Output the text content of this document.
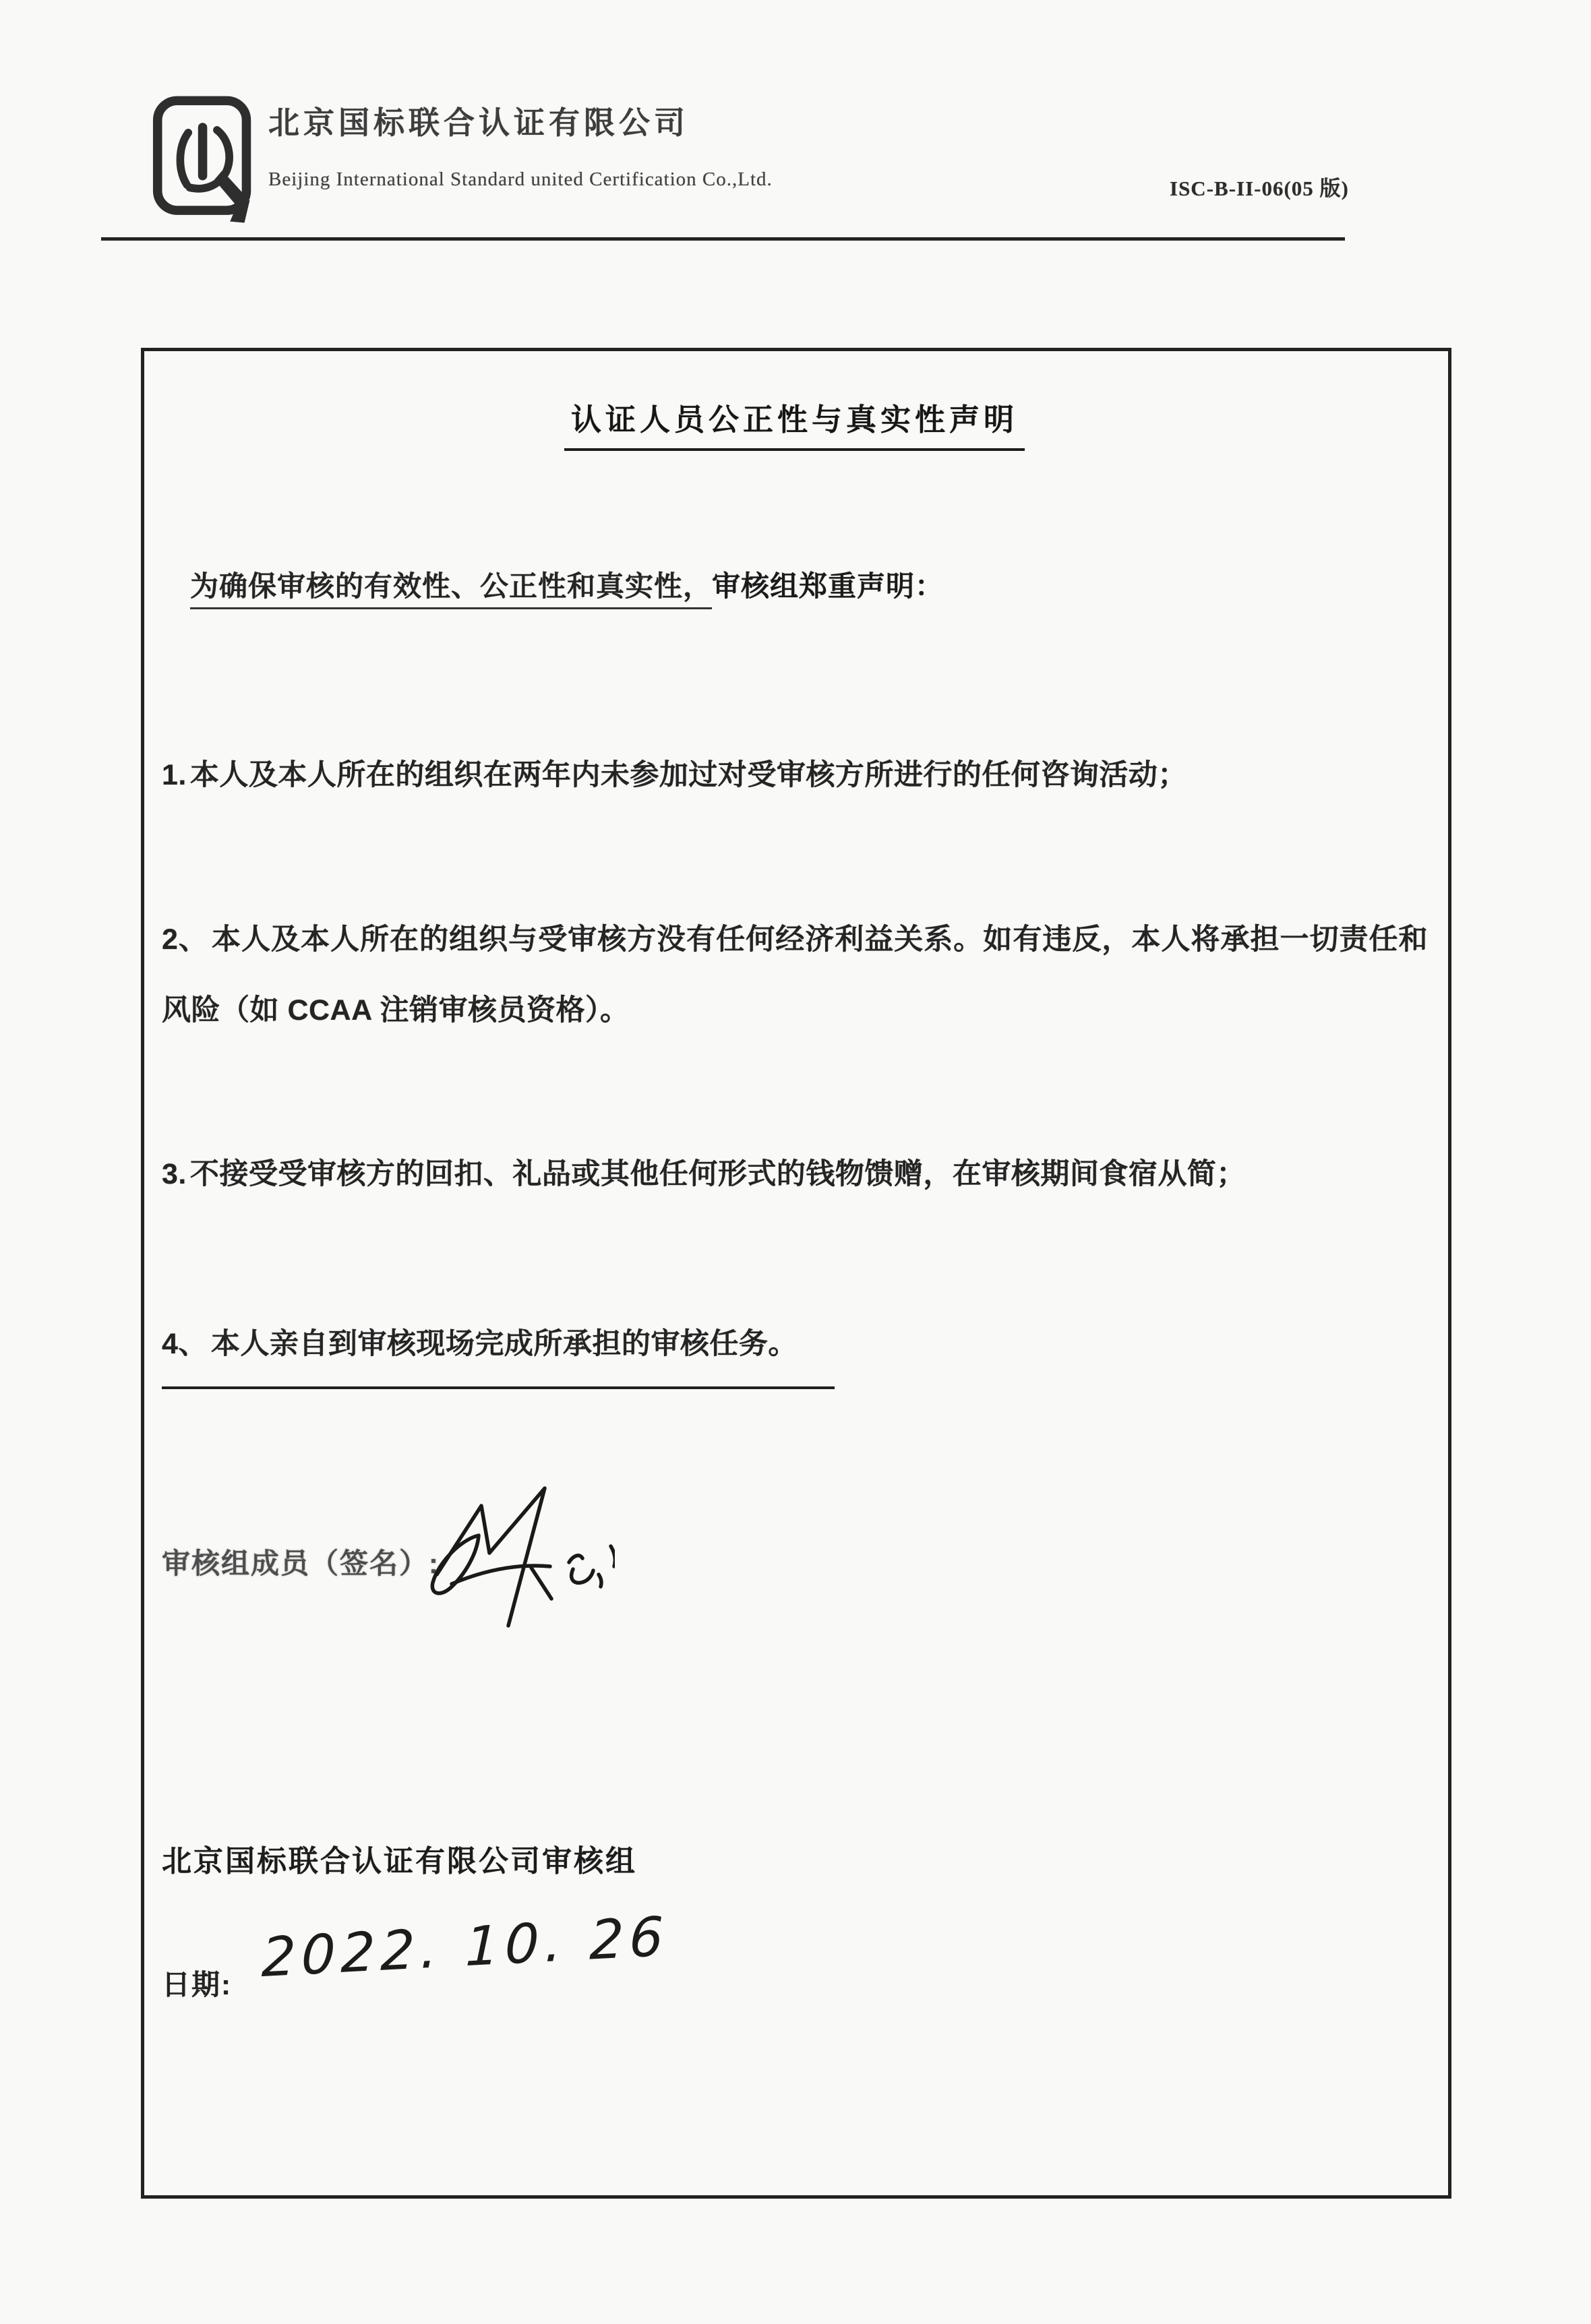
北京国标联合认证有限公司
Beijing International Standard united Certification Co.,Ltd.	ISC-B-II-06(05 版)
认证人员公正性与真实性声明
为确保审核的有效性、公正性和真实性，审核组郑重声明：
1. 本人及本人所在的组织在两年内未参加过对受审核方所进行的任何咨询活动；
2、 本人及本人所在的组织与受审核方没有任何经济利益关系。如有违反，本人将承担一切责任和风险（如 CCAA 注销审核员资格）。
3. 不接受受审核方的回扣、礼品或其他任何形式的钱物馈赠，在审核期间食宿从简；
4、 本人亲自到审核现场完成所承担的审核任务。
审核组成员（签名）:
北京国标联合认证有限公司审核组
日期: 2022. 10. 26
